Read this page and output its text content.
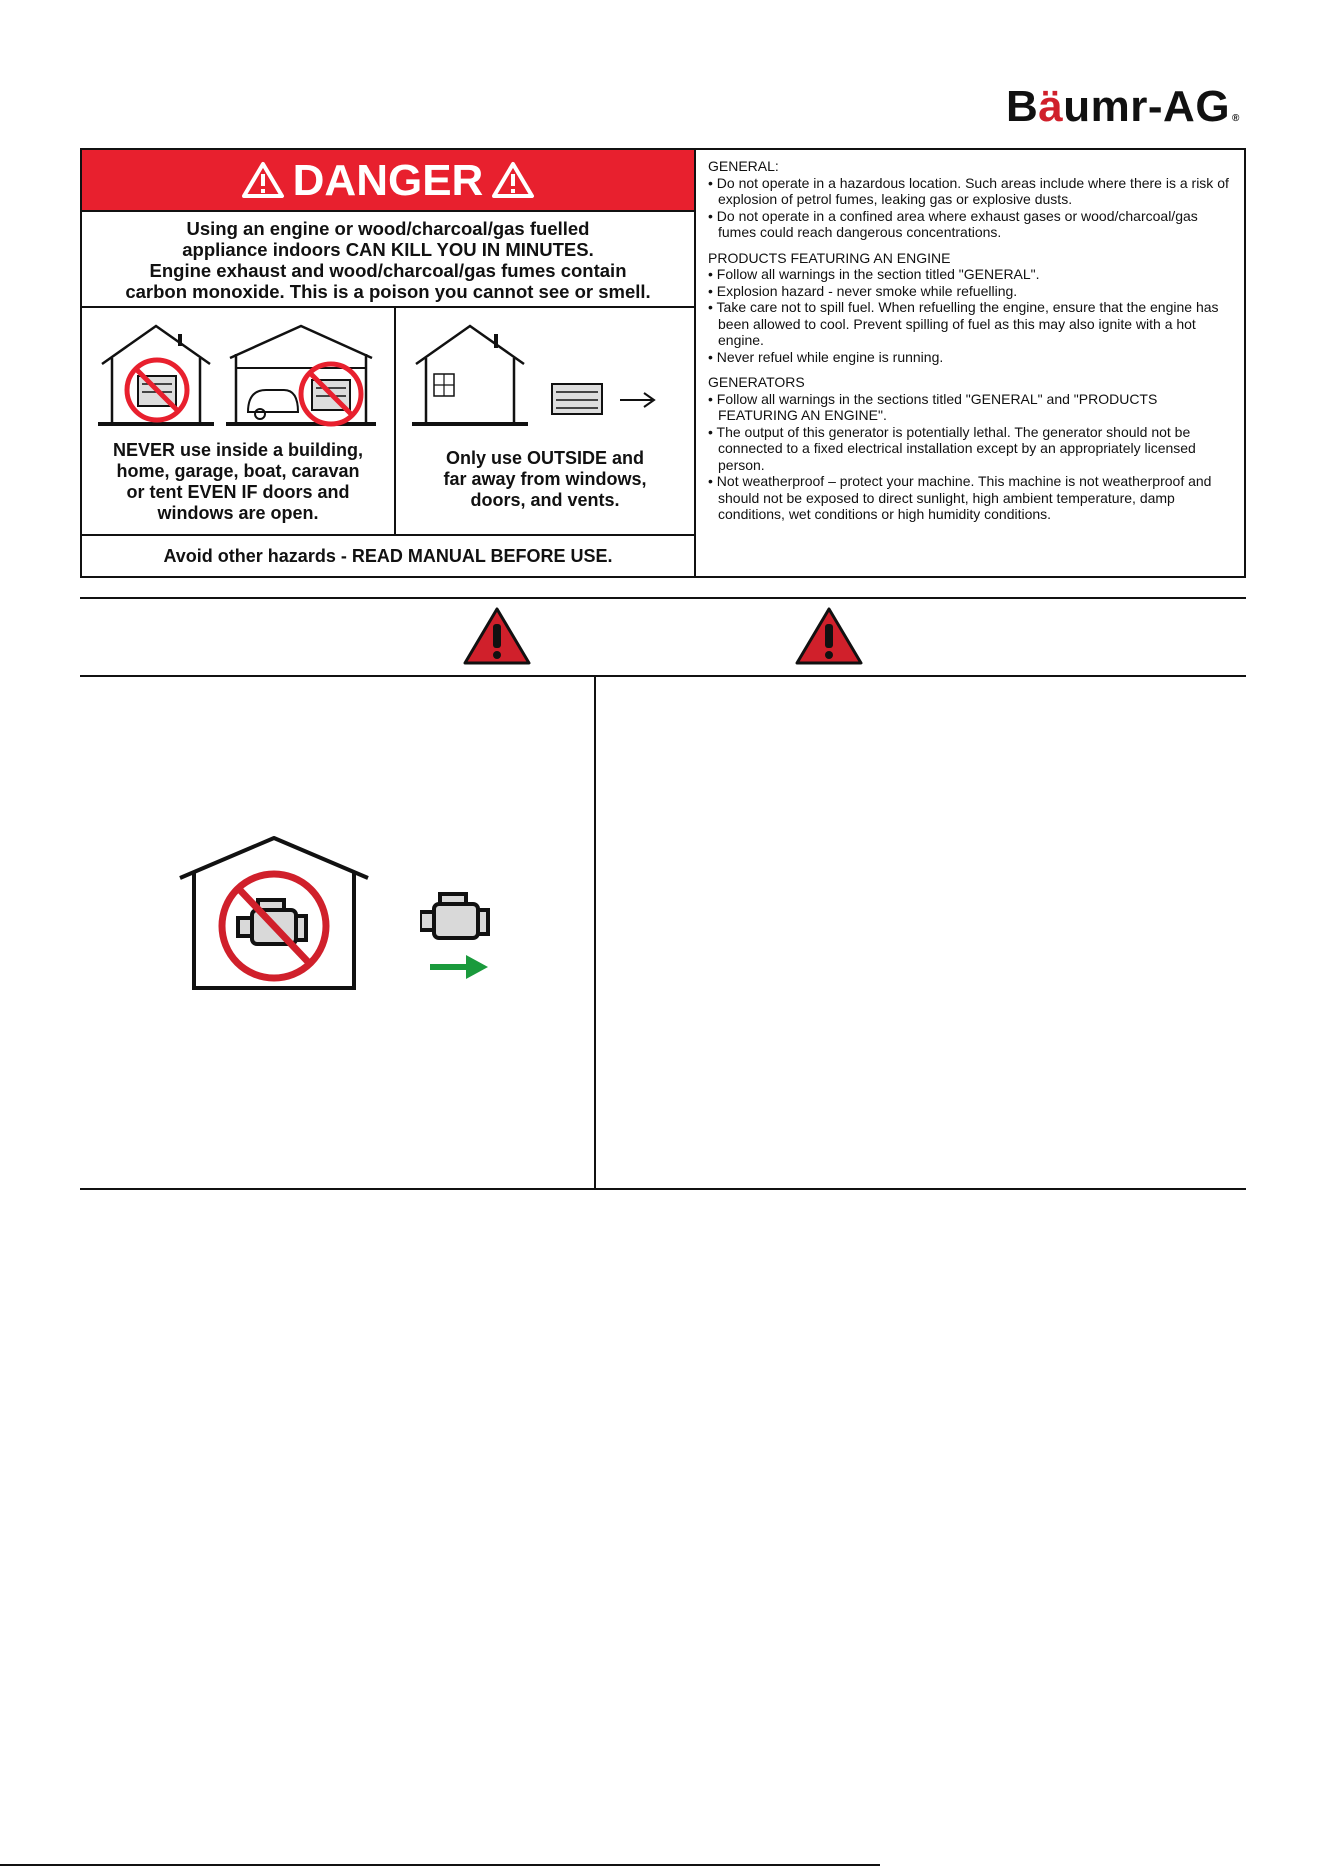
Bäumr-AG ®
DANGER
Using an engine or wood/charcoal/gas fuelled
appliance indoors CAN KILL YOU IN MINUTES.
Engine exhaust and wood/charcoal/gas fumes contain
carbon monoxide. This is a poison you cannot see or smell.
NEVER use inside a building,
home, garage, boat, caravan
or tent EVEN IF doors and
windows are open.
Only use OUTSIDE and
far away from windows,
doors, and vents.
Avoid other hazards - READ MANUAL BEFORE USE.
GENERAL:
• Do not operate in a hazardous location. Such areas include where there is a risk of explosion of petrol fumes, leaking gas or explosive dusts.
• Do not operate in a confined area where exhaust gases or wood/charcoal/gas fumes could reach dangerous concentrations.
PRODUCTS FEATURING AN ENGINE
• Follow all warnings in the section titled "GENERAL".
• Explosion hazard - never smoke while refuelling.
• Take care not to spill fuel. When refuelling the engine, ensure that the engine has been allowed to cool. Prevent spilling of fuel as this may also ignite with a hot engine.
• Never refuel while engine is running.
GENERATORS
• Follow all warnings in the sections titled "GENERAL" and "PRODUCTS FEATURING AN ENGINE".
• The output of this generator is potentially lethal. The generator should not be connected to a fixed electrical installation except by an appropriately licensed person.
• Not weatherproof – protect your machine. This machine is not weatherproof and should not be exposed to direct sunlight, high ambient temperature, damp conditions, wet conditions or high humidity conditions.
